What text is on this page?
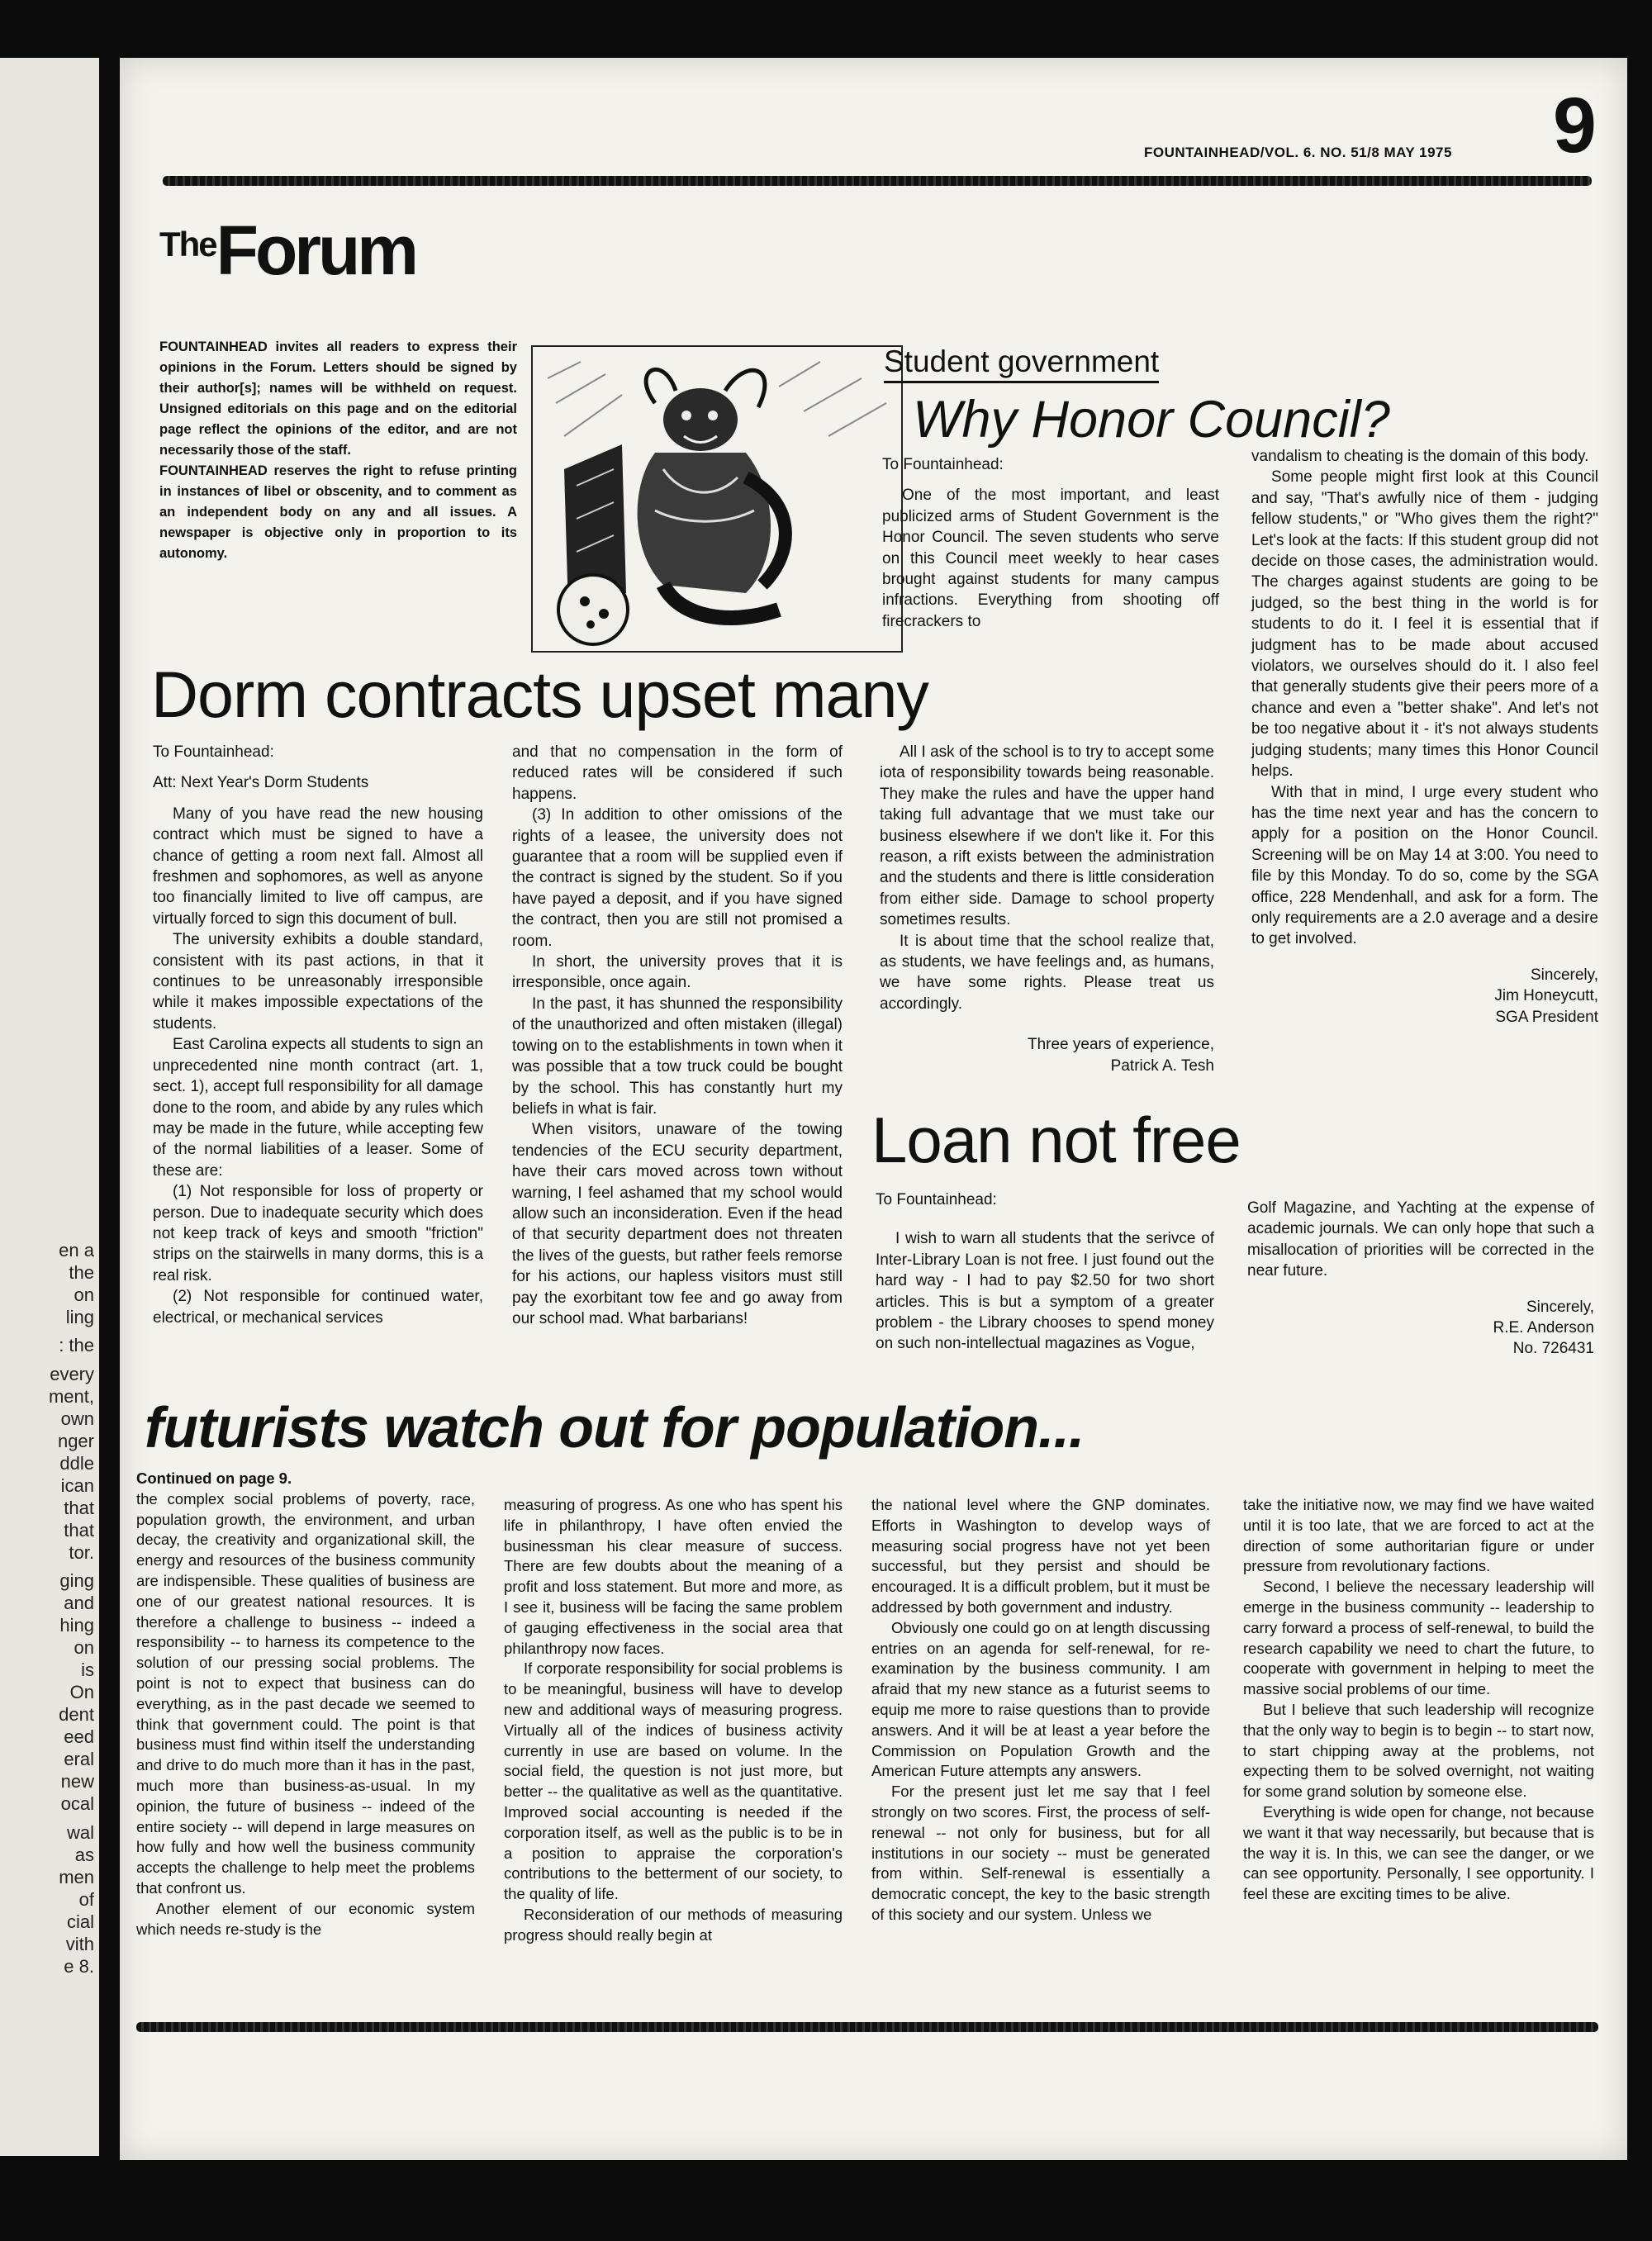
en a
the
on
ling
: the
every
ment,
own
nger
ddle
ican
that
that
tor.
ging
and
hing
on
is
On
dent
eed
eral
new
ocal
wal
as
men
of
cial
vith
e 8.
9
FOUNTAINHEAD/VOL. 6. NO. 51/8 MAY 1975
TheForum

FOUNTAINHEAD invites all readers to express their opinions in the Forum. Letters should be signed by their author[s]; names will be withheld on request. Unsigned editorials on this page and on the editorial page reflect the opinions of the editor, and are not necessarily those of the staff.

FOUNTAINHEAD reserves the right to refuse printing in instances of libel or obscenity, and to comment as an independent body on any and all issues. A newspaper is objective only in proportion to its autonomy.

Student government
Why Honor Council?

To Fountainhead:

One of the most important, and least publicized arms of Student Government is the Honor Council. The seven students who serve on this Council meet weekly to hear cases brought against students for many campus infractions. Everything from shooting off firecrackers to

vandalism to cheating is the domain of this body.

Some people might first look at this Council and say, "That's awfully nice of them - judging fellow students," or "Who gives them the right?" Let's look at the facts: If this student group did not decide on those cases, the administration would. The charges against students are going to be judged, so the best thing in the world is for students to do it. I feel it is essential that if judgment has to be made about accused violators, we ourselves should do it. I also feel that generally students give their peers more of a chance and even a "better shake". And let's not be too negative about it - it's not always students judging students; many times this Honor Council helps.

With that in mind, I urge every student who has the time next year and has the concern to apply for a position on the Honor Council. Screening will be on May 14 at 3:00. You need to file by this Monday. To do so, come by the SGA office, 228 Mendenhall, and ask for a form. The only requirements are a 2.0 average and a desire to get involved.

Sincerely,

Jim Honeycutt,

SGA President

Dorm contracts upset many

To Fountainhead:

Att: Next Year's Dorm Students

Many of you have read the new housing contract which must be signed to have a chance of getting a room next fall. Almost all freshmen and sophomores, as well as anyone too financially limited to live off campus, are virtually forced to sign this document of bull.

The university exhibits a double standard, consistent with its past actions, in that it continues to be unreasonably irresponsible while it makes impossible expectations of the students.

East Carolina expects all students to sign an unprecedented nine month contract (art. 1, sect. 1), accept full responsibility for all damage done to the room, and abide by any rules which may be made in the future, while accepting few of the normal liabilities of a leaser. Some of these are:

(1) Not responsible for loss of property or person. Due to inadequate security which does not keep track of keys and smooth "friction" strips on the stairwells in many dorms, this is a real risk.

(2) Not responsible for continued water, electrical, or mechanical services

and that no compensation in the form of reduced rates will be considered if such happens.

(3) In addition to other omissions of the rights of a leasee, the university does not guarantee that a room will be supplied even if the contract is signed by the student. So if you have payed a deposit, and if you have signed the contract, then you are still not promised a room.

In short, the university proves that it is irresponsible, once again.

In the past, it has shunned the responsibility of the unauthorized and often mistaken (illegal) towing on to the establishments in town when it was possible that a tow truck could be bought by the school. This has constantly hurt my beliefs in what is fair.

When visitors, unaware of the towing tendencies of the ECU security department, have their cars moved across town without warning, I feel ashamed that my school would allow such an inconsideration. Even if the head of that security department does not threaten the lives of the guests, but rather feels remorse for his actions, our hapless visitors must still pay the exorbitant tow fee and go away from our school mad. What barbarians!

All I ask of the school is to try to accept some iota of responsibility towards being reasonable. They make the rules and have the upper hand taking full advantage that we must take our business elsewhere if we don't like it. For this reason, a rift exists between the administration and the students and there is little consideration from either side. Damage to school property sometimes results.

It is about time that the school realize that, as students, we have feelings and, as humans, we have some rights. Please treat us accordingly.

Three years of experience,

Patrick A. Tesh

Loan not free

To Fountainhead:

I wish to warn all students that the serivce of Inter-Library Loan is not free. I just found out the hard way - I had to pay $2.50 for two short articles. This is but a symptom of a greater problem - the Library chooses to spend money on such non-intellectual magazines as Vogue,

Golf Magazine, and Yachting at the expense of academic journals. We can only hope that such a misallocation of priorities will be corrected in the near future.

Sincerely,

R.E. Anderson

No. 726431

futurists watch out for population...

Continued on page 9.

the complex social problems of poverty, race, population growth, the environment, and urban decay, the creativity and organizational skill, the energy and resources of the business community are indispensible. These qualities of business are one of our greatest national resources. It is therefore a challenge to business -- indeed a responsibility -- to harness its competence to the solution of our pressing social problems. The point is not to expect that business can do everything, as in the past decade we seemed to think that government could. The point is that business must find within itself the understanding and drive to do much more than it has in the past, much more than business-as-usual. In my opinion, the future of business -- indeed of the entire society -- will depend in large measures on how fully and how well the business community accepts the challenge to help meet the problems that confront us.

Another element of our economic system which needs re-study is the

measuring of progress. As one who has spent his life in philanthropy, I have often envied the businessman his clear measure of success. There are few doubts about the meaning of a profit and loss statement. But more and more, as I see it, business will be facing the same problem of gauging effectiveness in the social area that philanthropy now faces.

If corporate responsibility for social problems is to be meaningful, business will have to develop new and additional ways of measuring progress. Virtually all of the indices of business activity currently in use are based on volume. In the social field, the question is not just more, but better -- the qualitative as well as the quantitative. Improved social accounting is needed if the corporation itself, as well as the public is to be in a position to appraise the corporation's contributions to the betterment of our society, to the quality of life.

Reconsideration of our methods of measuring progress should really begin at

the national level where the GNP dominates. Efforts in Washington to develop ways of measuring social progress have not yet been successful, but they persist and should be encouraged. It is a difficult problem, but it must be addressed by both government and industry.

Obviously one could go on at length discussing entries on an agenda for self-renewal, for re-examination by the business community. I am afraid that my new stance as a futurist seems to equip me more to raise questions than to provide answers. And it will be at least a year before the Commission on Population Growth and the American Future attempts any answers.

For the present just let me say that I feel strongly on two scores. First, the process of self-renewal -- not only for business, but for all institutions in our society -- must be generated from within. Self-renewal is essentially a democratic concept, the key to the basic strength of this society and our system. Unless we

take the initiative now, we may find we have waited until it is too late, that we are forced to act at the direction of some authoritarian figure or under pressure from revolutionary factions.

Second, I believe the necessary leadership will emerge in the business community -- leadership to carry forward a process of self-renewal, to build the research capability we need to chart the future, to cooperate with government in helping to meet the massive social problems of our time.

But I believe that such leadership will recognize that the only way to begin is to begin -- to start now, to start chipping away at the problems, not expecting them to be solved overnight, not waiting for some grand solution by someone else.

Everything is wide open for change, not because we want it that way necessarily, but because that is the way it is. In this, we can see the danger, or we can see opportunity. Personally, I see opportunity. I feel these are exciting times to be alive.
